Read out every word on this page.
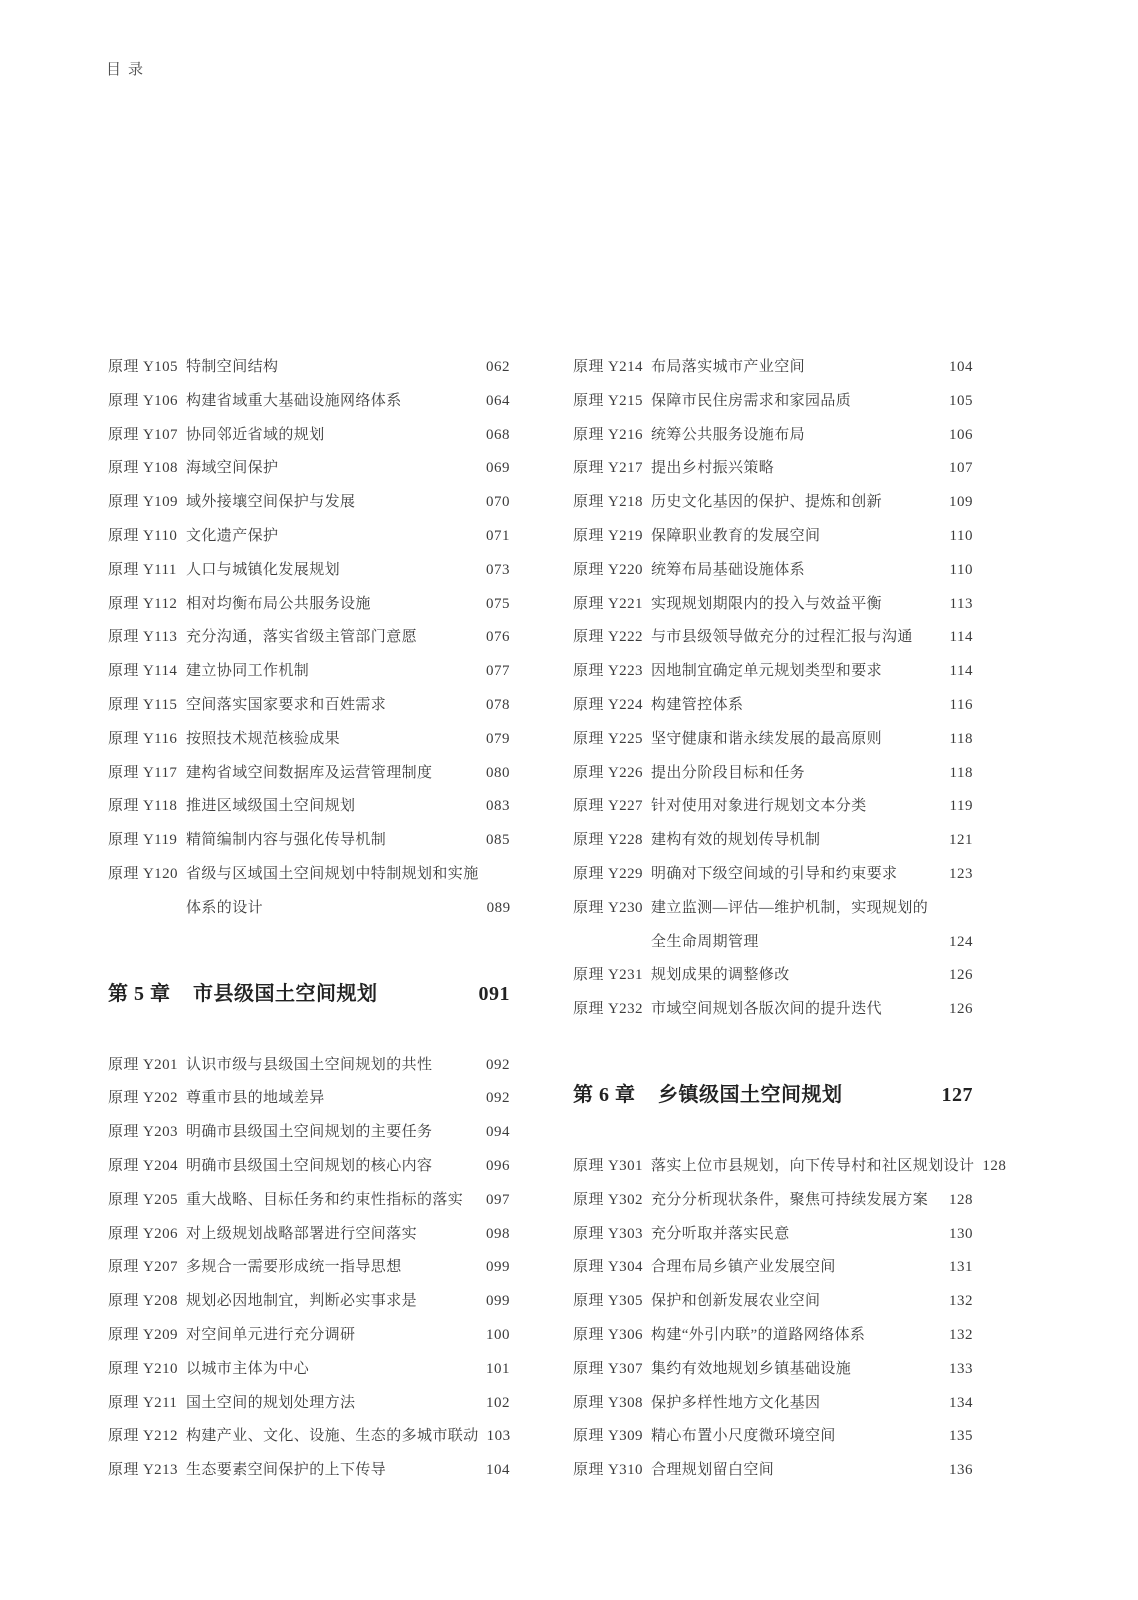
目录
原理 Y105 特制空间结构	062
原理 Y106 构建省域重大基础设施网络体系	064
原理 Y107 协同邻近省域的规划	068
原理 Y108 海域空间保护	069
原理 Y109 域外接壤空间保护与发展	070
原理 Y110 文化遗产保护	071
原理 Y111 人口与城镇化发展规划	073
原理 Y112 相对均衡布局公共服务设施	075
原理 Y113 充分沟通，落实省级主管部门意愿	076
原理 Y114 建立协同工作机制	077
原理 Y115 空间落实国家要求和百姓需求	078
原理 Y116 按照技术规范核验成果	079
原理 Y117 建构省域空间数据库及运营管理制度	080
原理 Y118 推进区域级国土空间规划	083
原理 Y119 精简编制内容与强化传导机制	085
原理 Y120 省级与区域国土空间规划中特制规划和实施
体系的设计	089
第 5 章	市县级国土空间规划	091
原理 Y201 认识市级与县级国土空间规划的共性	092
原理 Y202 尊重市县的地域差异	092
原理 Y203 明确市县级国土空间规划的主要任务	094
原理 Y204 明确市县级国土空间规划的核心内容	096
原理 Y205 重大战略、目标任务和约束性指标的落实	097
原理 Y206 对上级规划战略部署进行空间落实	098
原理 Y207 多规合一需要形成统一指导思想	099
原理 Y208 规划必因地制宜，判断必实事求是	099
原理 Y209 对空间单元进行充分调研	100
原理 Y210 以城市主体为中心	101
原理 Y211 国土空间的规划处理方法	102
原理 Y212 构建产业、文化、设施、生态的多城市联动 103
原理 Y213 生态要素空间保护的上下传导	104
原理 Y214 布局落实城市产业空间	104
原理 Y215 保障市民住房需求和家园品质	105
原理 Y216 统筹公共服务设施布局	106
原理 Y217 提出乡村振兴策略	107
原理 Y218 历史文化基因的保护、提炼和创新	109
原理 Y219 保障职业教育的发展空间	110
原理 Y220 统筹布局基础设施体系	110
原理 Y221 实现规划期限内的投入与效益平衡	113
原理 Y222 与市县级领导做充分的过程汇报与沟通	114
原理 Y223 因地制宜确定单元规划类型和要求	114
原理 Y224 构建管控体系	116
原理 Y225 坚守健康和谐永续发展的最高原则	118
原理 Y226 提出分阶段目标和任务	118
原理 Y227 针对使用对象进行规划文本分类	119
原理 Y228 建构有效的规划传导机制	121
原理 Y229 明确对下级空间域的引导和约束要求	123
原理 Y230 建立监测—评估—维护机制，实现规划的
全生命周期管理	124
原理 Y231 规划成果的调整修改	126
原理 Y232 市域空间规划各版次间的提升迭代	126
第 6 章	乡镇级国土空间规划	127
原理 Y301 落实上位市县规划，向下传导村和社区规划设计 128
原理 Y302 充分分析现状条件，聚焦可持续发展方案	128
原理 Y303 充分听取并落实民意	130
原理 Y304 合理布局乡镇产业发展空间	131
原理 Y305 保护和创新发展农业空间	132
原理 Y306 构建“外引内联”的道路网络体系	132
原理 Y307 集约有效地规划乡镇基础设施	133
原理 Y308 保护多样性地方文化基因	134
原理 Y309 精心布置小尺度微环境空间	135
原理 Y310 合理规划留白空间	136
